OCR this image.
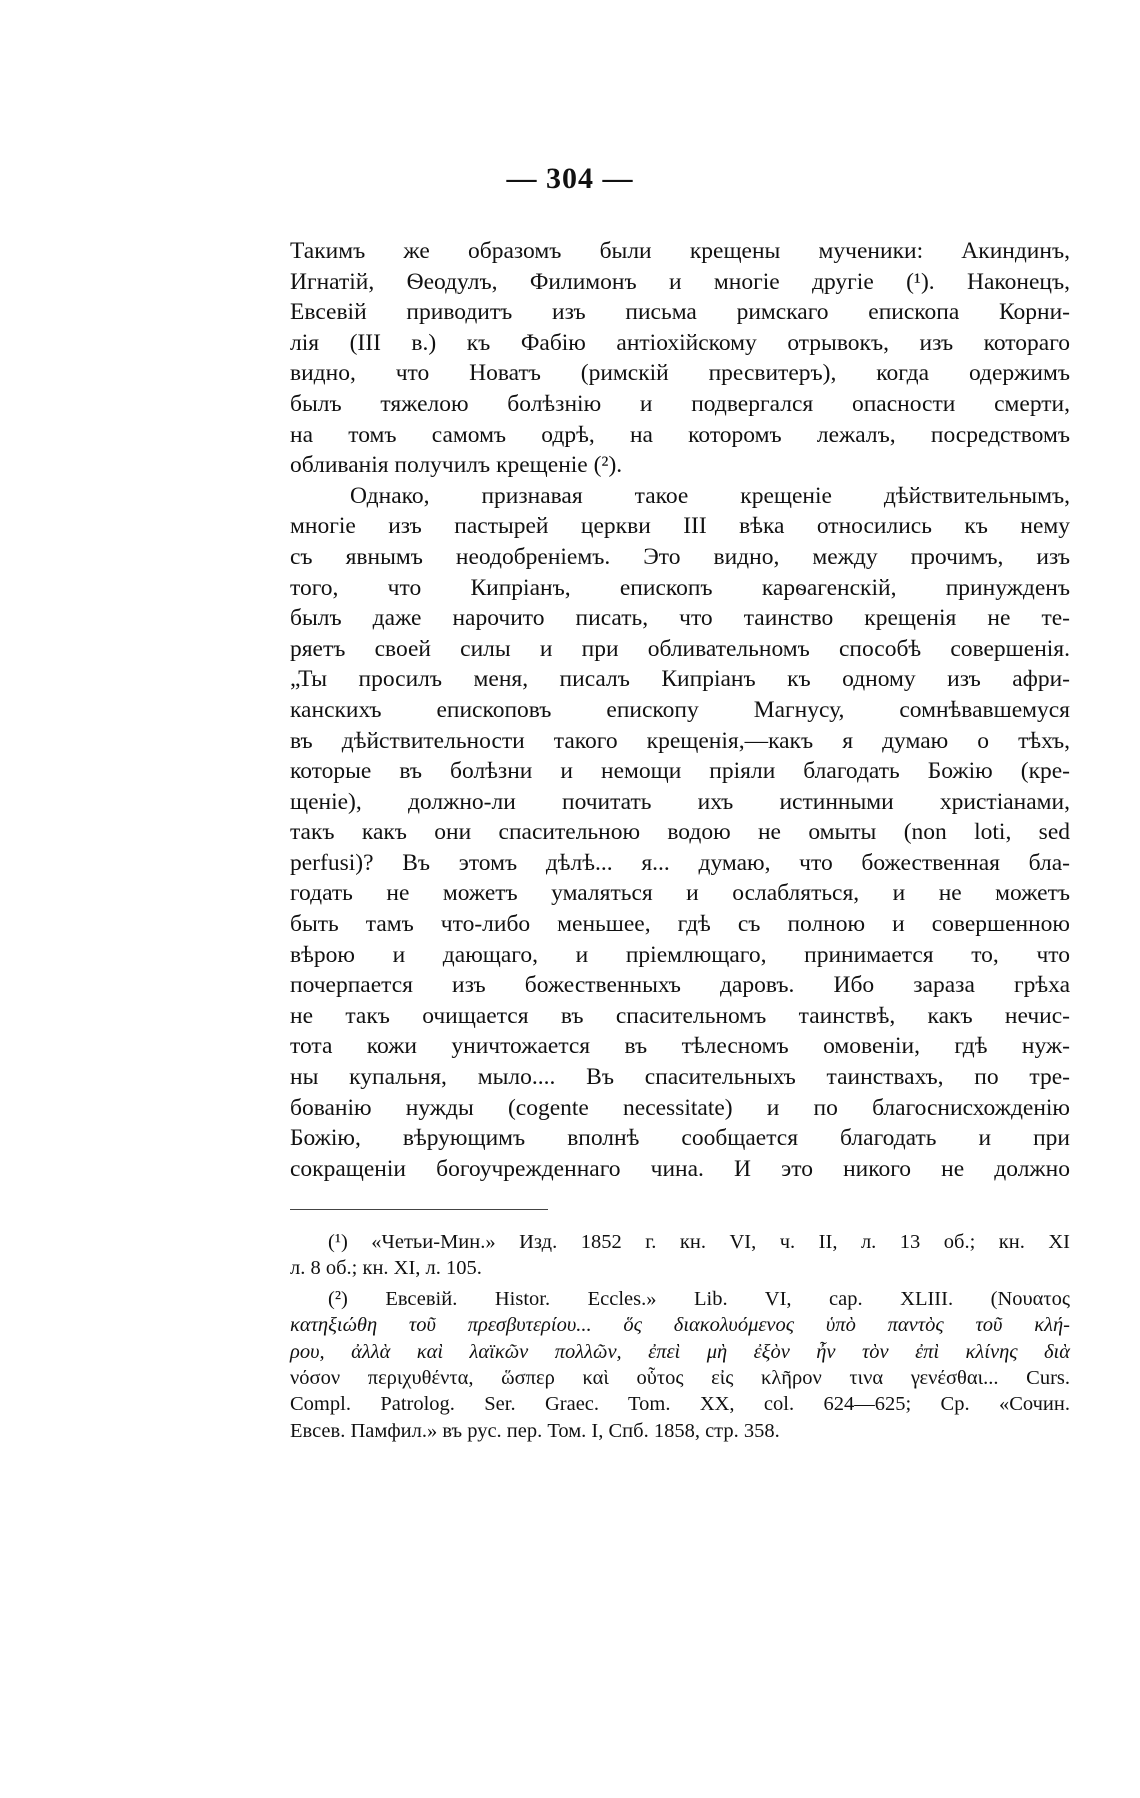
— 304 —
Такимъ же образомъ были крещены мученики: Акиндинъ,
Игнатій, Ѳеодулъ, Филимонъ и многіе другіе (¹). Наконецъ,
Евсевій приводитъ изъ письма римскаго епископа Корни-
лія (III в.) къ Фабію антіохійскому отрывокъ, изъ котораго
видно, что Новатъ (римскій пресвитеръ), когда одержимъ
былъ тяжелою болѣзнію и подвергался опасности смерти,
на томъ самомъ одрѣ, на которомъ лежалъ, посредствомъ
обливанія получилъ крещеніе (²).
Однако, признавая такое крещеніе дѣйствительнымъ,
многіе изъ пастырей церкви III вѣка относились къ нему
съ явнымъ неодобреніемъ. Это видно, между прочимъ, изъ
того, что Кипріанъ, епископъ карѳагенскій, принужденъ
былъ даже нарочито писать, что таинство крещенія не те-
ряетъ своей силы и при обливательномъ способѣ совершенія.
„Ты просилъ меня, писалъ Кипріанъ къ одному изъ афри-
канскихъ епископовъ епископу Магнусу, сомнѣвавшемуся
въ дѣйствительности такого крещенія,—какъ я думаю о тѣхъ,
которые въ болѣзни и немощи пріяли благодать Божію (кре-
щеніе), должно-ли почитать ихъ истинными христіанами,
такъ какъ они спасительною водою не омыты (non loti, sed
perfusi)? Въ этомъ дѣлѣ... я... думаю, что божественная бла-
годать не можетъ умаляться и ослабляться, и не можетъ
быть тамъ что-либо меньшее, гдѣ съ полною и совершенною
вѣрою и дающаго, и пріемлющаго, принимается то, что
почерпается изъ божественныхъ даровъ. Ибо зараза грѣха
не такъ очищается въ спасительномъ таинствѣ, какъ нечис-
тота кожи уничтожается въ тѣлесномъ омовеніи, гдѣ нуж-
ны купальня, мыло.... Въ спасительныхъ таинствахъ, по тре-
бованію нужды (cogente necessitate) и по благоснисхожденію
Божію, вѣрующимъ вполнѣ сообщается благодать и при
сокращеніи богоучрежденнаго чина. И это никого не должно
(¹) «Четьи-Мин.» Изд. 1852 г. кн. VI, ч. II, л. 13 об.; кн. XI
л. 8 об.; кн. XI, л. 105.
(²) Евсевій. Histor. Eccles.» Lib. VI, cap. XLIII. (Νουατος
κατηξιώθη τοῦ πρεσβυτερίου... ὅς διακολυόμενος ὑπὸ παντὸς τοῦ κλή-
ρου, ἀλλὰ καὶ λαϊκῶν πολλῶν, ἐπεὶ μὴ ἐξὸν ἦν τὸν ἐπὶ κλίνης διὰ
νόσον περιχυθέντα, ὥσπερ καὶ οὗτος εἰς κλῆρον τινα γενέσθαι... Curs.
Compl. Patrolog. Ser. Graec. Tom. XX, col. 624—625; Ср. «Сочин.
Евсев. Памфил.» въ рус. пер. Том. I, Спб. 1858, стр. 358.
